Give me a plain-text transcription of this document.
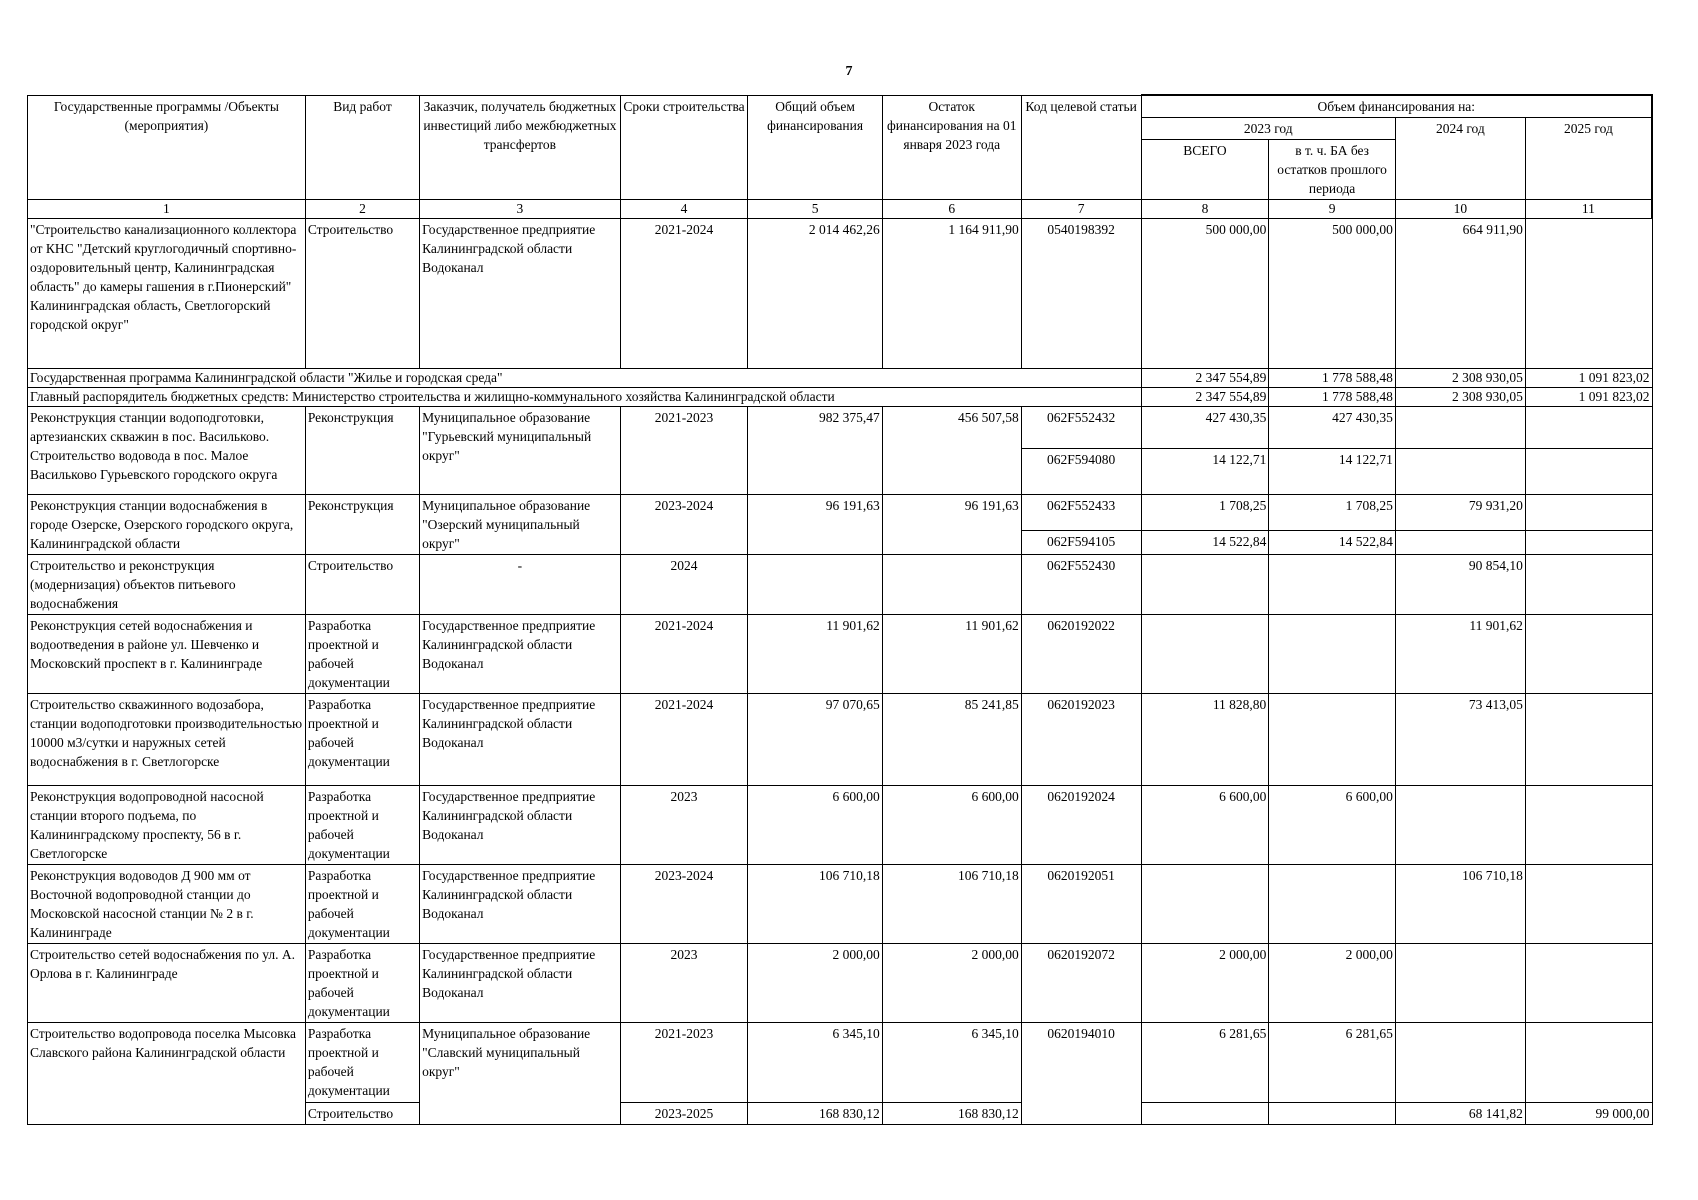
7
Государственные программы /Объекты (мероприятия)	Вид работ	Заказчик, получатель бюджетных инвестиций либо межбюджетных трансфертов	Сроки строительства	Общий объем финансирования	Остаток финансирования на 01 января 2023 года	Код целевой статьи	Объем финансирования на:			
							2023 год		2024 год	2025 год
							ВСЕГО	в т. ч. БА без остатков прошлого периода		
1	2	3	4	5	6	7	8	9	10	11
"Строительство канализационного коллектора от КНС "Детский круглогодичный спортивно-оздоровительный центр, Калининградская область" до камеры гашения в г.Пионерский" Калининградская область, Светлогорский городской округ"	Строительство	Государственное предприятие Калининградской области Водоканал	2021-2024	2 014 462,26	1 164 911,90	0540198392	500 000,00	500 000,00	664 911,90	
Государственная программа Калининградской области "Жилье и городская среда"							2 347 554,89	1 778 588,48	2 308 930,05	1 091 823,02
Главный распорядитель бюджетных средств: Министерство строительства и жилищно-коммунального хозяйства Калининградской области							2 347 554,89	1 778 588,48	2 308 930,05	1 091 823,02
Реконструкция станции водоподготовки, артезианских скважин в пос. Васильково. Строительство водовода в пос. Малое Васильково Гурьевского городского округа	Реконструкция	Муниципальное образование "Гурьевский муниципальный округ"	2021-2023	982 375,47	456 507,58	062F552432	427 430,35	427 430,35		
						062F594080	14 122,71	14 122,71		
Реконструкция станции водоснабжения в городе Озерске, Озерского городского округа, Калининградской области	Реконструкция	Муниципальное образование "Озерский муниципальный округ"	2023-2024	96 191,63	96 191,63	062F552433	1 708,25	1 708,25	79 931,20	
						062F594105	14 522,84	14 522,84		
Строительство и реконструкция (модернизация) объектов питьевого водоснабжения	Строительство	-	2024			062F552430			90 854,10	
Реконструкция сетей водоснабжения и водоотведения в районе ул. Шевченко и Московский проспект в г. Калининграде	Разработка проектной и рабочей документации	Государственное предприятие Калининградской области Водоканал	2021-2024	11 901,62	11 901,62	0620192022			11 901,62	
Строительство скважинного водозабора, станции водоподготовки производительностью 10000 м3/сутки и наружных сетей водоснабжения в г. Светлогорске	Разработка проектной и рабочей документации	Государственное предприятие Калининградской области Водоканал	2021-2024	97 070,65	85 241,85	0620192023	11 828,80		73 413,05	
Реконструкция водопроводной насосной станции второго подъема, по Калининградскому проспекту, 56 в г. Светлогорске	Разработка проектной и рабочей документации	Государственное предприятие Калининградской области Водоканал	2023	6 600,00	6 600,00	0620192024	6 600,00	6 600,00		
Реконструкция водоводов Д 900 мм от Восточной водопроводной станции до Московской насосной станции № 2 в г. Калининграде	Разработка проектной и рабочей документации	Государственное предприятие Калининградской области Водоканал	2023-2024	106 710,18	106 710,18	0620192051			106 710,18	
Строительство сетей водоснабжения по ул. А. Орлова в г. Калининграде	Разработка проектной и рабочей документации	Государственное предприятие Калининградской области Водоканал	2023	2 000,00	2 000,00	0620192072	2 000,00	2 000,00		
Строительство водопровода поселка Мысовка Славского района Калининградской области	Разработка проектной и рабочей документации	Муниципальное образование "Славский муниципальный округ"	2021-2023	6 345,10	6 345,10	0620194010	6 281,65	6 281,65		
	Строительство		2023-2025	168 830,12	168 830,12				68 141,82	99 000,00
